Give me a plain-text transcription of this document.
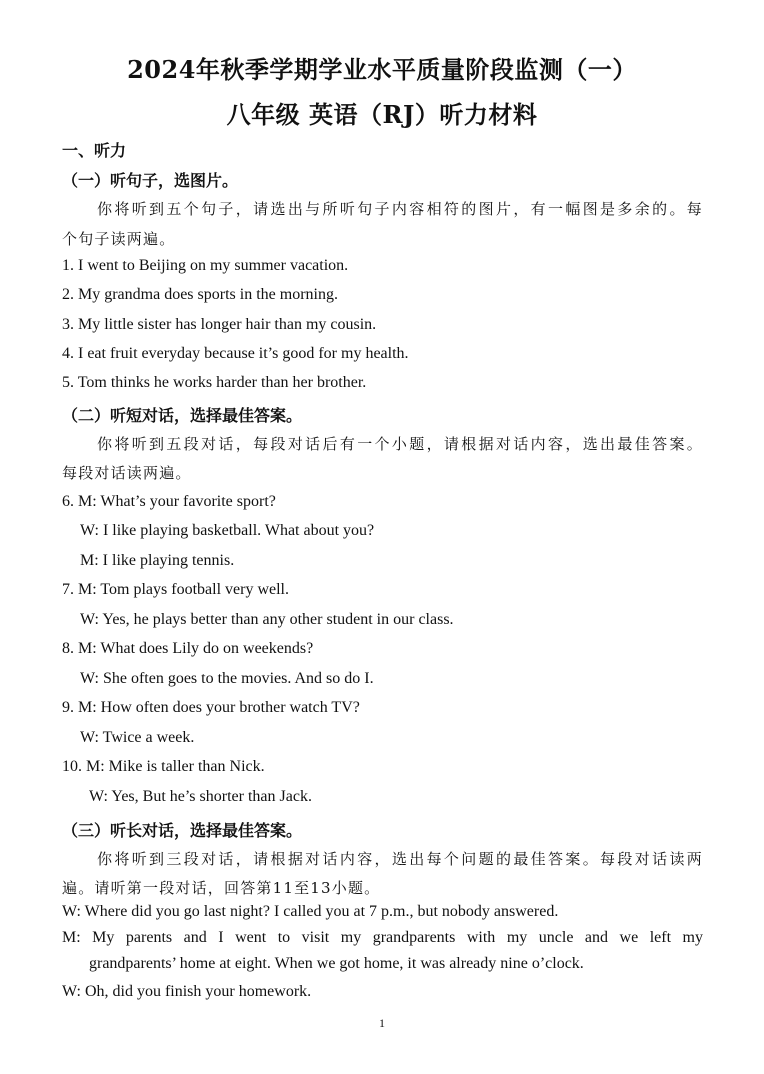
2024年秋季学期学业水平质量阶段监测（一）
八年级 英语（RJ）听力材料
一、听力
（一）听句子，选图片。
你将听到五个句子，请选出与所听句子内容相符的图片，有一幅图是多余的。每
个句子读两遍。
1. I went to Beijing on my summer vacation.
2. My grandma does sports in the morning.
3. My little sister has longer hair than my cousin.
4. I eat fruit everyday because it’s good for my health.
5. Tom thinks he works harder than her brother.
（二）听短对话，选择最佳答案。
你将听到五段对话，每段对话后有一个小题，请根据对话内容，选出最佳答案。
每段对话读两遍。
6. M: What’s your favorite sport?
W: I like playing basketball. What about you?
M: I like playing tennis.
7. M: Tom plays football very well.
W: Yes, he plays better than any other student in our class.
8. M: What does Lily do on weekends?
W: She often goes to the movies. And so do I.
9. M: How often does your brother watch TV?
W: Twice a week.
10. M: Mike is taller than Nick.
W: Yes, But he’s shorter than Jack.
（三）听长对话，选择最佳答案。
你将听到三段对话，请根据对话内容，选出每个问题的最佳答案。每段对话读两
遍。请听第一段对话，回答第11至13小题。
W: Where did you go last night? I called you at 7 p.m., but nobody answered.
M: My parents and I went to visit my grandparents with my uncle and we left my
grandparents’ home at eight. When we got home, it was already nine o’clock.
W: Oh, did you finish your homework.
1
